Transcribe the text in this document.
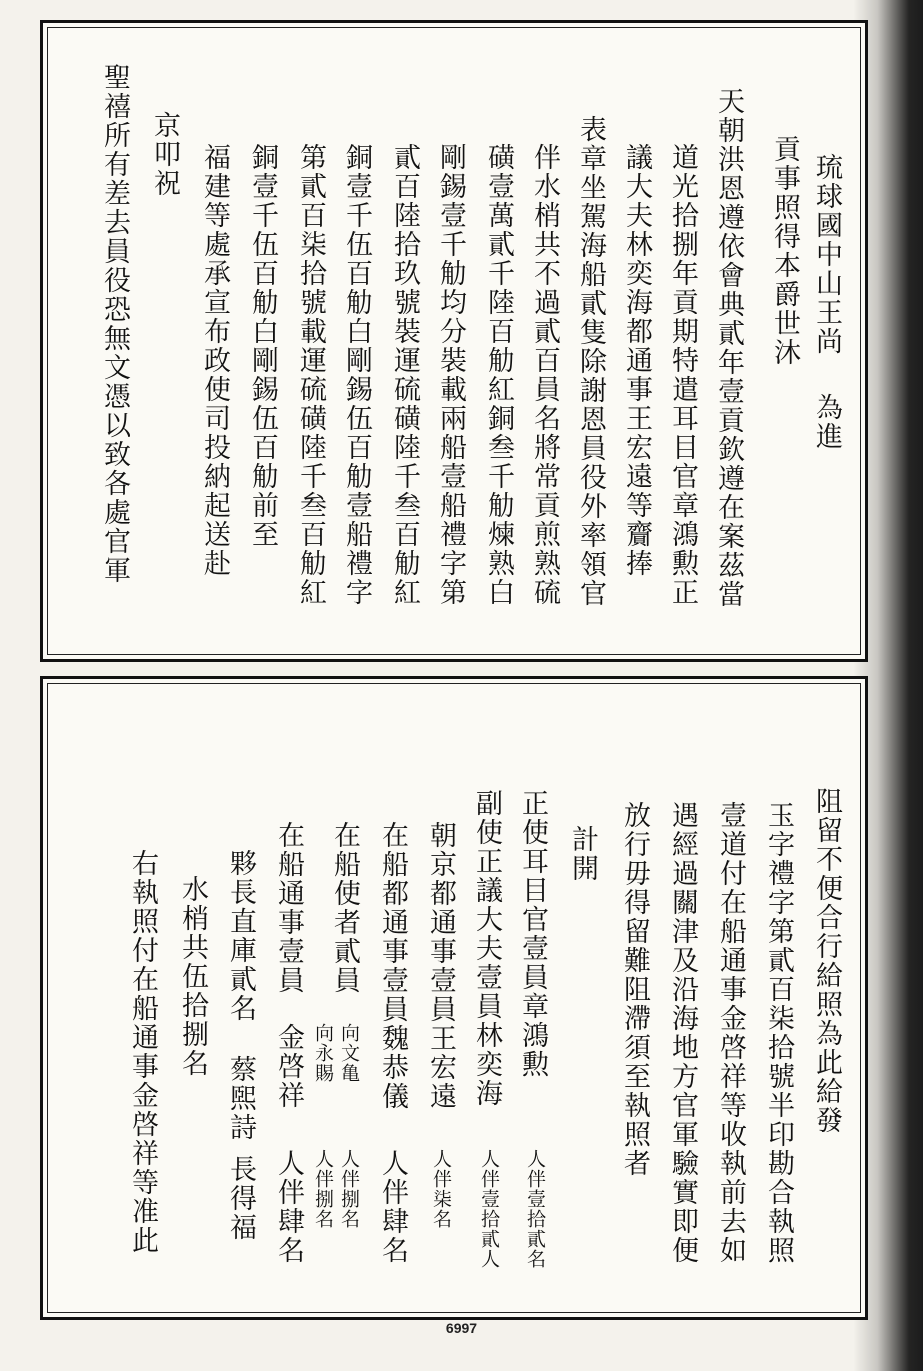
琉球國中山王尚
為進
貢事照得本爵世沐
天朝洪恩遵依會典貳年壹貢欽遵在案茲當
道光拾捌年貢期特遣耳目官章鴻勲正
議大夫林奕海都通事王宏遠等齎捧
表章坐駕海船貳隻除謝恩員役外率領官
伴水梢共不過貳百員名將常貢煎熟硫
磺壹萬貳千陸百觔紅銅叁千觔煉熟白
剛錫壹千觔均分裝載兩船壹船禮字第
貳百陸拾玖號裝運硫磺陸千叁百觔紅
銅壹千伍百觔白剛錫伍百觔壹船禮字
第貳百柒拾號載運硫磺陸千叁百觔紅
銅壹千伍百觔白剛錫伍百觔前至
福建等處承宣布政使司投納起送赴
京叩祝
聖禧所有差去員役恐無文憑以致各處官軍
阻留不便合行給照為此給發
玉字禮字第貳百柒拾號半印勘合執照
壹道付在船通事金啓祥等收執前去如
遇經過關津及沿海地方官軍驗實即便
放行毋得留難阻滯須至執照者
計開
正使耳目官壹員章鴻勲
人伴壹拾貳名
副使正議大夫壹員林奕海
人伴壹拾貳人
朝京都通事壹員王宏遠
人伴柒名
在船都通事壹員魏恭儀
人伴肆名
在船使者貳員
向文亀
人伴捌名
向永賜
人伴捌名
在船通事壹員
金啓祥
人伴肆名
夥長直庫貳名
蔡煕詩
長得福
水梢共伍拾捌名
右執照付在船通事金啓祥等准此
6997
